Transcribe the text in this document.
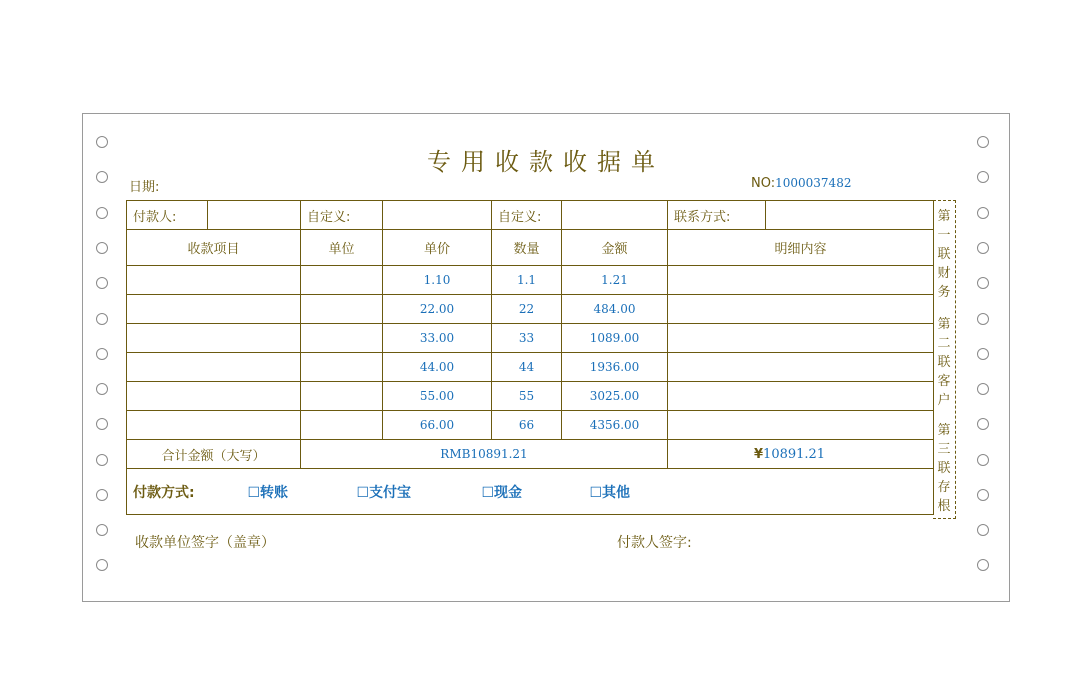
专用收款收据单
日期:	NO:1000037482
付款人:		自定义:		自定义:		联系方式:	
收款项目		单位	单价	数量	金额	明细内容	
			1.10	1.1	1.21		
			22.00	22	484.00		
			33.00	33	1089.00		
			44.00	44	1936.00		
			55.00	55	3025.00		
			66.00	66	4356.00		
合计金额（大写）		RMB10891.21				¥10891.21	
付款方式: ☐转账 ☐支付宝 ☐现金 ☐其他							
第一联财务
第二联客户
第三联存根
收款单位签字（盖章）	付款人签字:
